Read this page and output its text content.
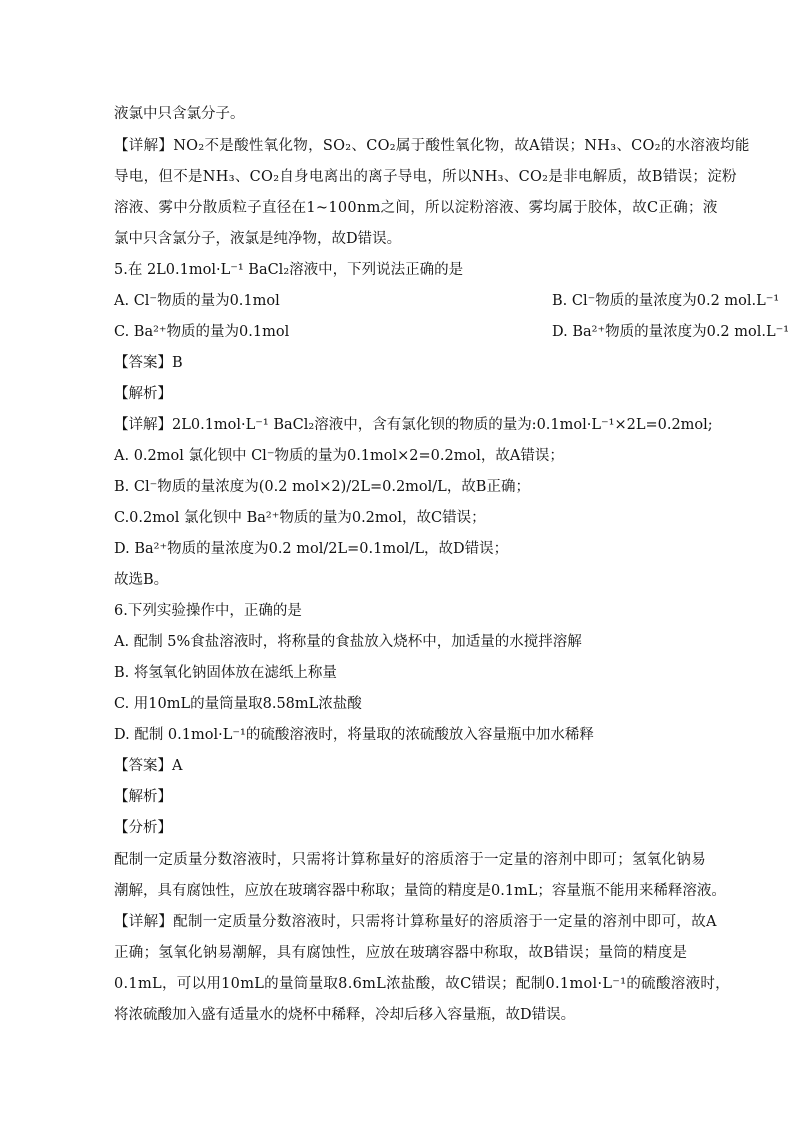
液氯中只含氯分子。
【详解】NO₂不是酸性氧化物，SO₂、CO₂属于酸性氧化物，故A错误；NH₃、CO₂的水溶液均能
导电，但不是NH₃、CO₂自身电离出的离子导电，所以NH₃、CO₂是非电解质，故B错误；淀粉
溶液、雾中分散质粒子直径在1~100nm之间，所以淀粉溶液、雾均属于胶体，故C正确；液
氯中只含氯分子，液氯是纯净物，故D错误。
5.在 2L0.1mol·L⁻¹ BaCl₂溶液中，下列说法正确的是
A. Cl⁻物质的量为0.1mol	B. Cl⁻物质的量浓度为0.2 mol.L⁻¹
C. Ba²⁺物质的量为0.1mol	D. Ba²⁺物质的量浓度为0.2 mol.L⁻¹
【答案】B
【解析】
【详解】2L0.1mol·L⁻¹ BaCl₂溶液中，含有氯化钡的物质的量为:0.1mol·L⁻¹×2L=0.2mol;
A. 0.2mol 氯化钡中 Cl⁻物质的量为0.1mol×2=0.2mol，故A错误；
B. Cl⁻物质的量浓度为(0.2 mol×2)/2L=0.2mol/L，故B正确；
C.0.2mol 氯化钡中 Ba²⁺物质的量为0.2mol，故C错误；
D. Ba²⁺物质的量浓度为0.2 mol/2L=0.1mol/L，故D错误；
故选B。
6.下列实验操作中，正确的是
A. 配制 5%食盐溶液时，将称量的食盐放入烧杯中，加适量的水搅拌溶解
B. 将氢氧化钠固体放在滤纸上称量
C. 用10mL的量筒量取8.58mL浓盐酸
D. 配制 0.1mol·L⁻¹的硫酸溶液时，将量取的浓硫酸放入容量瓶中加水稀释
【答案】A
【解析】
【分析】
配制一定质量分数溶液时，只需将计算称量好的溶质溶于一定量的溶剂中即可；氢氧化钠易
潮解，具有腐蚀性，应放在玻璃容器中称取；量筒的精度是0.1mL；容量瓶不能用来稀释溶液。
【详解】配制一定质量分数溶液时，只需将计算称量好的溶质溶于一定量的溶剂中即可，故A
正确；氢氧化钠易潮解，具有腐蚀性，应放在玻璃容器中称取，故B错误；量筒的精度是
0.1mL，可以用10mL的量筒量取8.6mL浓盐酸，故C错误；配制0.1mol·L⁻¹的硫酸溶液时，
将浓硫酸加入盛有适量水的烧杯中稀释，冷却后移入容量瓶，故D错误。
